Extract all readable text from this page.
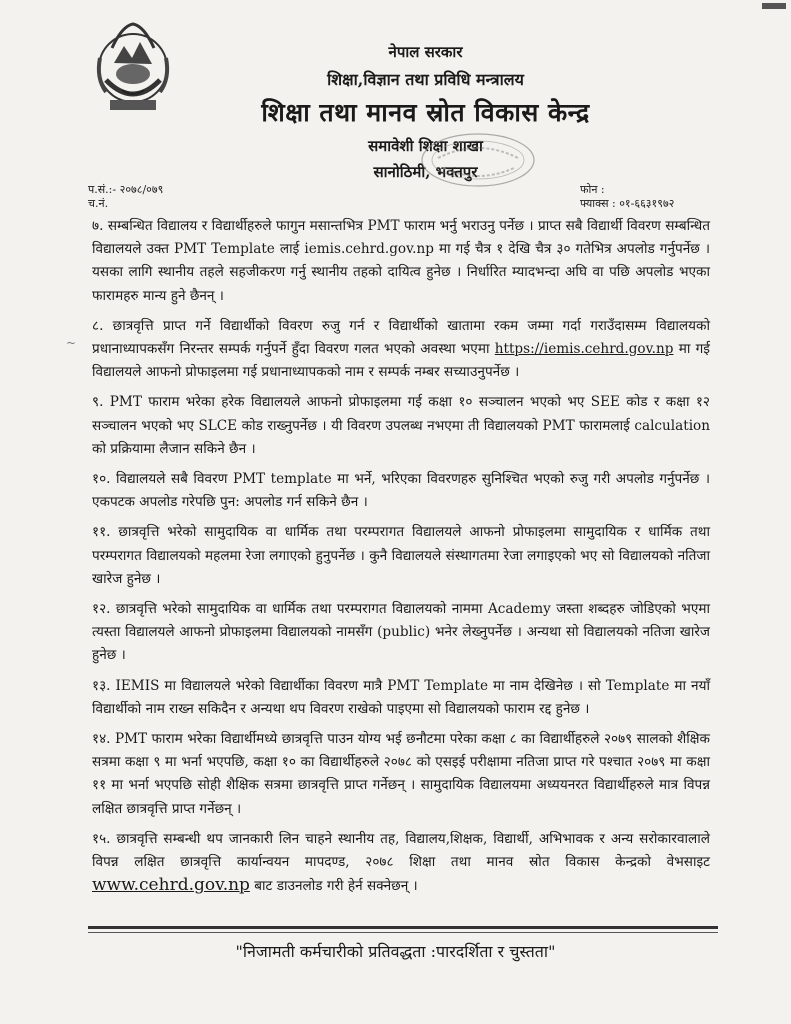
नेपाल सरकार
शिक्षा,विज्ञान तथा प्रविधि मन्त्रालय
शिक्षा तथा मानव स्रोत विकास केन्द्र
समावेशी शिक्षा शाखा
सानोठिमी, भक्तपुर
प.सं.:- २०७८/०७९
च.नं.
फोन :
फ्याक्स : ०१-६६३१९७२
~
७. सम्बन्धित विद्यालय र विद्यार्थीहरुले फागुन मसान्तभित्र PMT फाराम भर्नु भराउनु पर्नेछ । प्राप्त सबै विद्यार्थी विवरण सम्बन्धित विद्यालयले उक्त PMT Template लाई iemis.cehrd.gov.np मा गई चैत्र १ देखि चैत्र ३० गतेभित्र अपलोड गर्नुपर्नेछ । यसका लागि स्थानीय तहले सहजीकरण गर्नु स्थानीय तहको दायित्व हुनेछ । निर्धारित म्यादभन्दा अघि वा पछि अपलोड भएका फारामहरु मान्य हुने छैनन् ।
८. छात्रवृत्ति प्राप्त गर्ने विद्यार्थीको विवरण रुजु गर्न र विद्यार्थीको खातामा रकम जम्मा गर्दा गराउँदासम्म विद्यालयको प्रधानाध्यापकसँग निरन्तर सम्पर्क गर्नुपर्ने हुँदा विवरण गलत भएको अवस्था भएमा https://iemis.cehrd.gov.np मा गई विद्यालयले आफनो प्रोफाइलमा गई प्रधानाध्यापकको नाम र सम्पर्क नम्बर सच्याउनुपर्नेछ ।
९. PMT फाराम भरेका हरेक विद्यालयले आफनो प्रोफाइलमा गई कक्षा १० सञ्चालन भएको भए SEE कोड र कक्षा १२ सञ्चालन भएको भए SLCE कोड राख्नुपर्नेछ । यी विवरण उपलब्ध नभएमा ती विद्यालयको PMT फारामलाई calculation को प्रक्रियामा लैजान सकिने छैन ।
१०. विद्यालयले सबै विवरण PMT template मा भर्ने, भरिएका विवरणहरु सुनिश्चित भएको रुजु गरी अपलोड गर्नुपर्नेछ । एकपटक अपलोड गरेपछि पुन: अपलोड गर्न सकिने छैन ।
११. छात्रवृत्ति भरेको सामुदायिक वा धार्मिक तथा परम्परागत विद्यालयले आफनो प्रोफाइलमा सामुदायिक र धार्मिक तथा परम्परागत विद्यालयको महलमा रेजा लगाएको हुनुपर्नेछ । कुनै विद्यालयले संस्थागतमा रेजा लगाइएको भए सो विद्यालयको नतिजा खारेज हुनेछ ।
१२. छात्रवृत्ति भरेको सामुदायिक वा धार्मिक तथा परम्परागत विद्यालयको नाममा Academy जस्ता शब्दहरु जोडिएको भएमा त्यस्ता विद्यालयले आफनो प्रोफाइलमा विद्यालयको नामसँग (public) भनेर लेख्नुपर्नेछ । अन्यथा सो विद्यालयको नतिजा खारेज हुनेछ ।
१३. IEMIS मा विद्यालयले भरेको विद्यार्थीका विवरण मात्रै PMT Template मा नाम देखिनेछ । सो Template मा नयाँ विद्यार्थीको नाम राख्न सकिदैन र अन्यथा थप विवरण राखेको पाइएमा सो विद्यालयको फाराम रद्द हुनेछ ।
१४. PMT फाराम भरेका विद्यार्थीमध्ये छात्रवृत्ति पाउन योग्य भई छनौटमा परेका कक्षा ८ का विद्यार्थीहरुले २०७९ सालको शैक्षिक सत्रमा कक्षा ९ मा भर्ना भएपछि, कक्षा १० का विद्यार्थीहरुले २०७८ को एसइई परीक्षामा नतिजा प्राप्त गरे पश्चात २०७९ मा कक्षा ११ मा भर्ना भएपछि सोही शैक्षिक सत्रमा छात्रवृत्ति प्राप्त गर्नेछन् । सामुदायिक विद्यालयमा अध्ययनरत विद्यार्थीहरुले मात्र विपन्न लक्षित छात्रवृत्ति प्राप्त गर्नेछन् ।
१५. छात्रवृत्ति सम्बन्धी थप जानकारी लिन चाहने स्थानीय तह, विद्यालय,शिक्षक, विद्यार्थी, अभिभावक र अन्य सरोकारवालाले विपन्न लक्षित छात्रवृत्ति कार्यान्वयन मापदण्ड, २०७८ शिक्षा तथा मानव स्रोत विकास केन्द्रको वेभसाइट www.cehrd.gov.np बाट डाउनलोड गरी हेर्न सक्नेछन् ।
"निजामती कर्मचारीको प्रतिवद्धता :पारदर्शिता र चुस्तता"
